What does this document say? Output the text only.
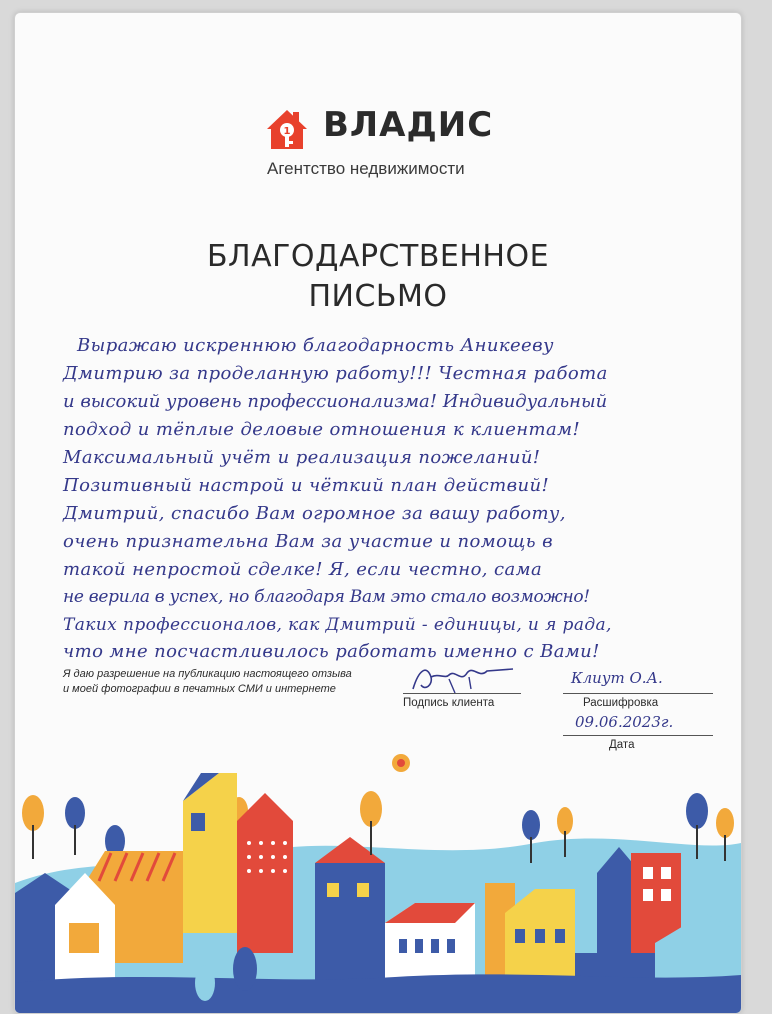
1 ВЛАДИС
Агентство недвижимости
БЛАГОДАРСТВЕННОЕ
ПИСЬМО
Выражаю искреннюю благодарность Аникееву
Дмитрию за проделанную работу!!! Честная работа
и высокий уровень профессионализма! Индивидуальный
подход и тёплые деловые отношения к клиентам!
Максимальный учёт и реализация пожеланий!
Позитивный настрой и чёткий план действий!
Дмитрий, спасибо Вам огромное за вашу работу,
очень признательна Вам за участие и помощь в
такой непростой сделке! Я, если честно, сама
не верила в успех, но благодаря Вам это стало возможно!
Таких профессионалов, как Дмитрий - единицы, и я рада,
что мне посчастливилось работать именно с Вами!
Я даю разрешение на публикацию настоящего отзыва
и моей фотографии в печатных СМИ и интернете
Подпись клиента
Клиут О.А.
Расшифровка
09.06.2023г.
Дата
